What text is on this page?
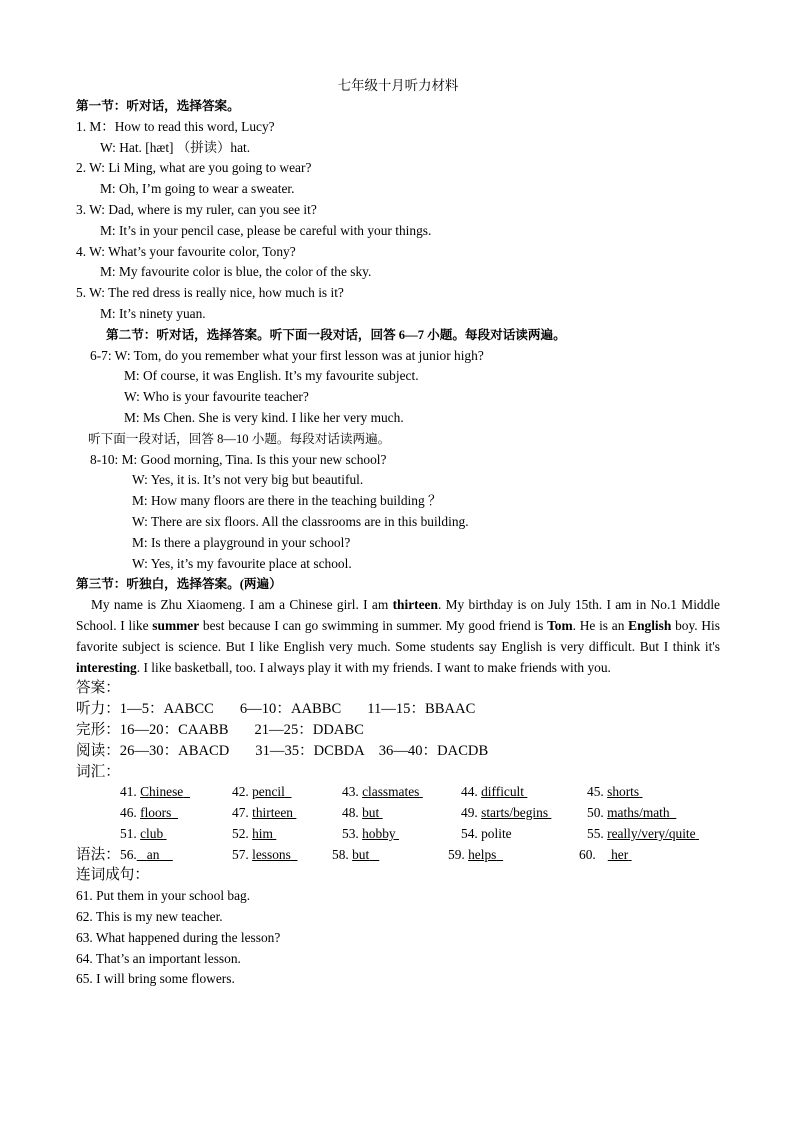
七年级十月听力材料
第一节：听对话，选择答案。
1. M：How to read this word, Lucy?
W: Hat. [hæt] （拼读）hat.
2. W: Li Ming, what are you going to wear?
M: Oh, I’m going to wear a sweater.
3. W: Dad, where is my ruler, can you see it?
M: It’s in your pencil case, please be careful with your things.
4. W: What’s your favourite color, Tony?
M: My favourite color is blue, the color of the sky.
5. W: The red dress is really nice, how much is it?
M: It’s ninety yuan.
第二节：听对话，选择答案。听下面一段对话，回答 6—7 小题。每段对话读两遍。
6-7: W: Tom, do you remember what your first lesson was at junior high?
M: Of course, it was English. It’s my favourite subject.
W: Who is your favourite teacher?
M: Ms Chen. She is very kind. I like her very much.
听下面一段对话，回答 8—10 小题。每段对话读两遍。
8-10: M: Good morning, Tina. Is this your new school?
W: Yes, it is. It’s not very big but beautiful.
M: How many floors are there in the teaching building ？
W: There are six floors. All the classrooms are in this building.
M: Is there a playground in your school?
W: Yes, it’s my favourite place at school.
第三节：听独白，选择答案。(两遍）
My name is Zhu Xiaomeng. I am a Chinese girl. I am thirteen. My birthday is on July 15th. I am in No.1 Middle School. I like summer best because I can go swimming in summer. My good friend is Tom. He is an English boy. His favorite subject is science. But I like English very much. Some students say English is very difficult. But I think it's interesting. I like basketball, too. I always play it with my friends. I want to make friends with you.
答案：
听力：1—5：AABCC 6—10：AABBC 11—15：BBAAC
完形：16—20：CAABB 21—25：DDABC
阅读：26—30：ABACD 31—35：DCBDA 36—40：DACDB
词汇：
41. Chinese	42. pencil	43. classmates	44. difficult	45. shorts
46. floors	47. thirteen	48. but	49. starts/begins	50. maths/math
51. club	52. him	53. hobby	54. polite	55. really/very/quite
语法： 56. an	57. lessons	58. but	59. helps	60. her
连词成句：
61. Put them in your school bag.
62. This is my new teacher.
63. What happened during the lesson?
64. That’s an important lesson.
65. I will bring some flowers.
